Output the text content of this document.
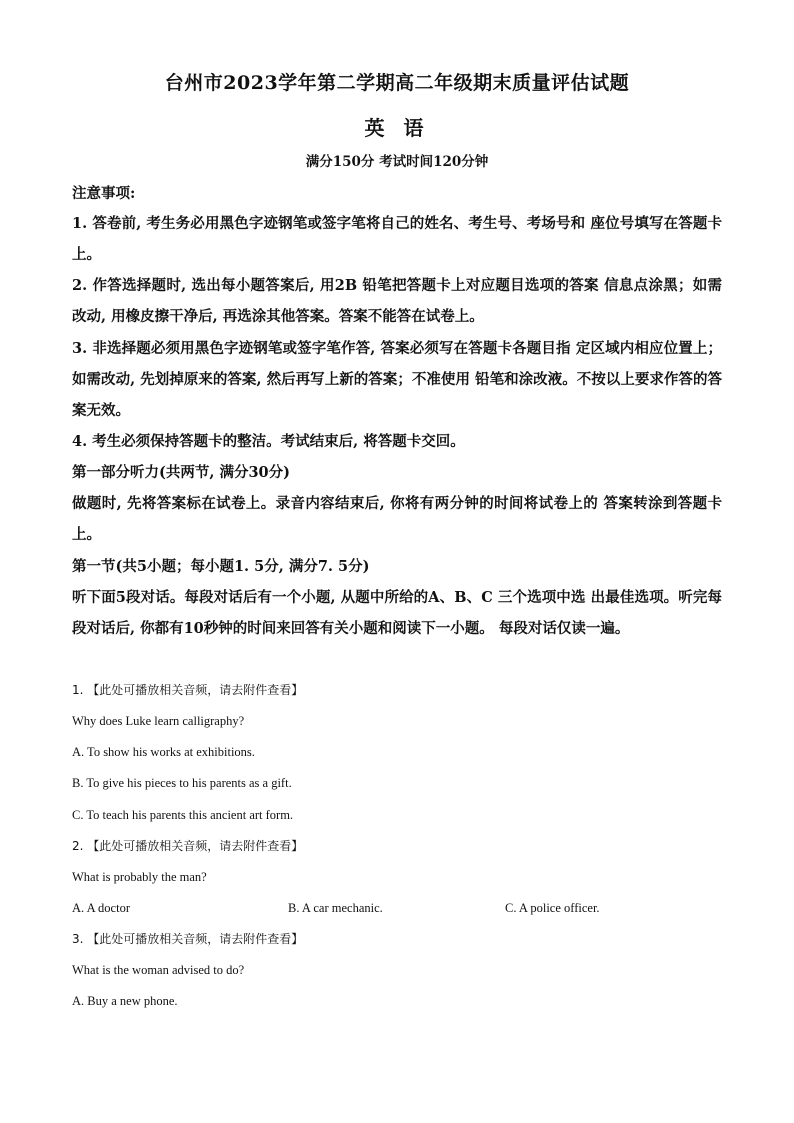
台州市2023学年第二学期高二年级期末质量评估试题
英 语
满分150分 考试时间120分钟
注意事项:
1. 答卷前, 考生务必用黑色字迹钢笔或签字笔将自己的姓名、考生号、考场号和 座位号填写在答题卡上。
2. 作答选择题时, 选出每小题答案后, 用2B 铅笔把答题卡上对应题目选项的答案 信息点涂黑；如需改动, 用橡皮擦干净后, 再选涂其他答案。答案不能答在试卷上。
3. 非选择题必须用黑色字迹钢笔或签字笔作答, 答案必须写在答题卡各题目指 定区域内相应位置上；如需改动, 先划掉原来的答案, 然后再写上新的答案；不准使用 铅笔和涂改液。不按以上要求作答的答案无效。
4. 考生必须保持答题卡的整洁。考试结束后, 将答题卡交回。
第一部分听力(共两节, 满分30分)
做题时, 先将答案标在试卷上。录音内容结束后, 你将有两分钟的时间将试卷上的 答案转涂到答题卡上。
第一节(共5小题；每小题1. 5分, 满分7. 5分)
听下面5段对话。每段对话后有一个小题, 从题中所给的A、B、C 三个选项中选 出最佳选项。听完每段对话后, 你都有10秒钟的时间来回答有关小题和阅读下一小题。 每段对话仅读一遍。
1. 【此处可播放相关音频，请去附件查看】
Why does Luke learn calligraphy?
A. To show his works at exhibitions.
B. To give his pieces to his parents as a gift.
C. To teach his parents this ancient art form.
2. 【此处可播放相关音频，请去附件查看】
What is probably the man?
A. A doctor	B. A car mechanic.	C. A police officer.
3. 【此处可播放相关音频，请去附件查看】
What is the woman advised to do?
A. Buy a new phone.
